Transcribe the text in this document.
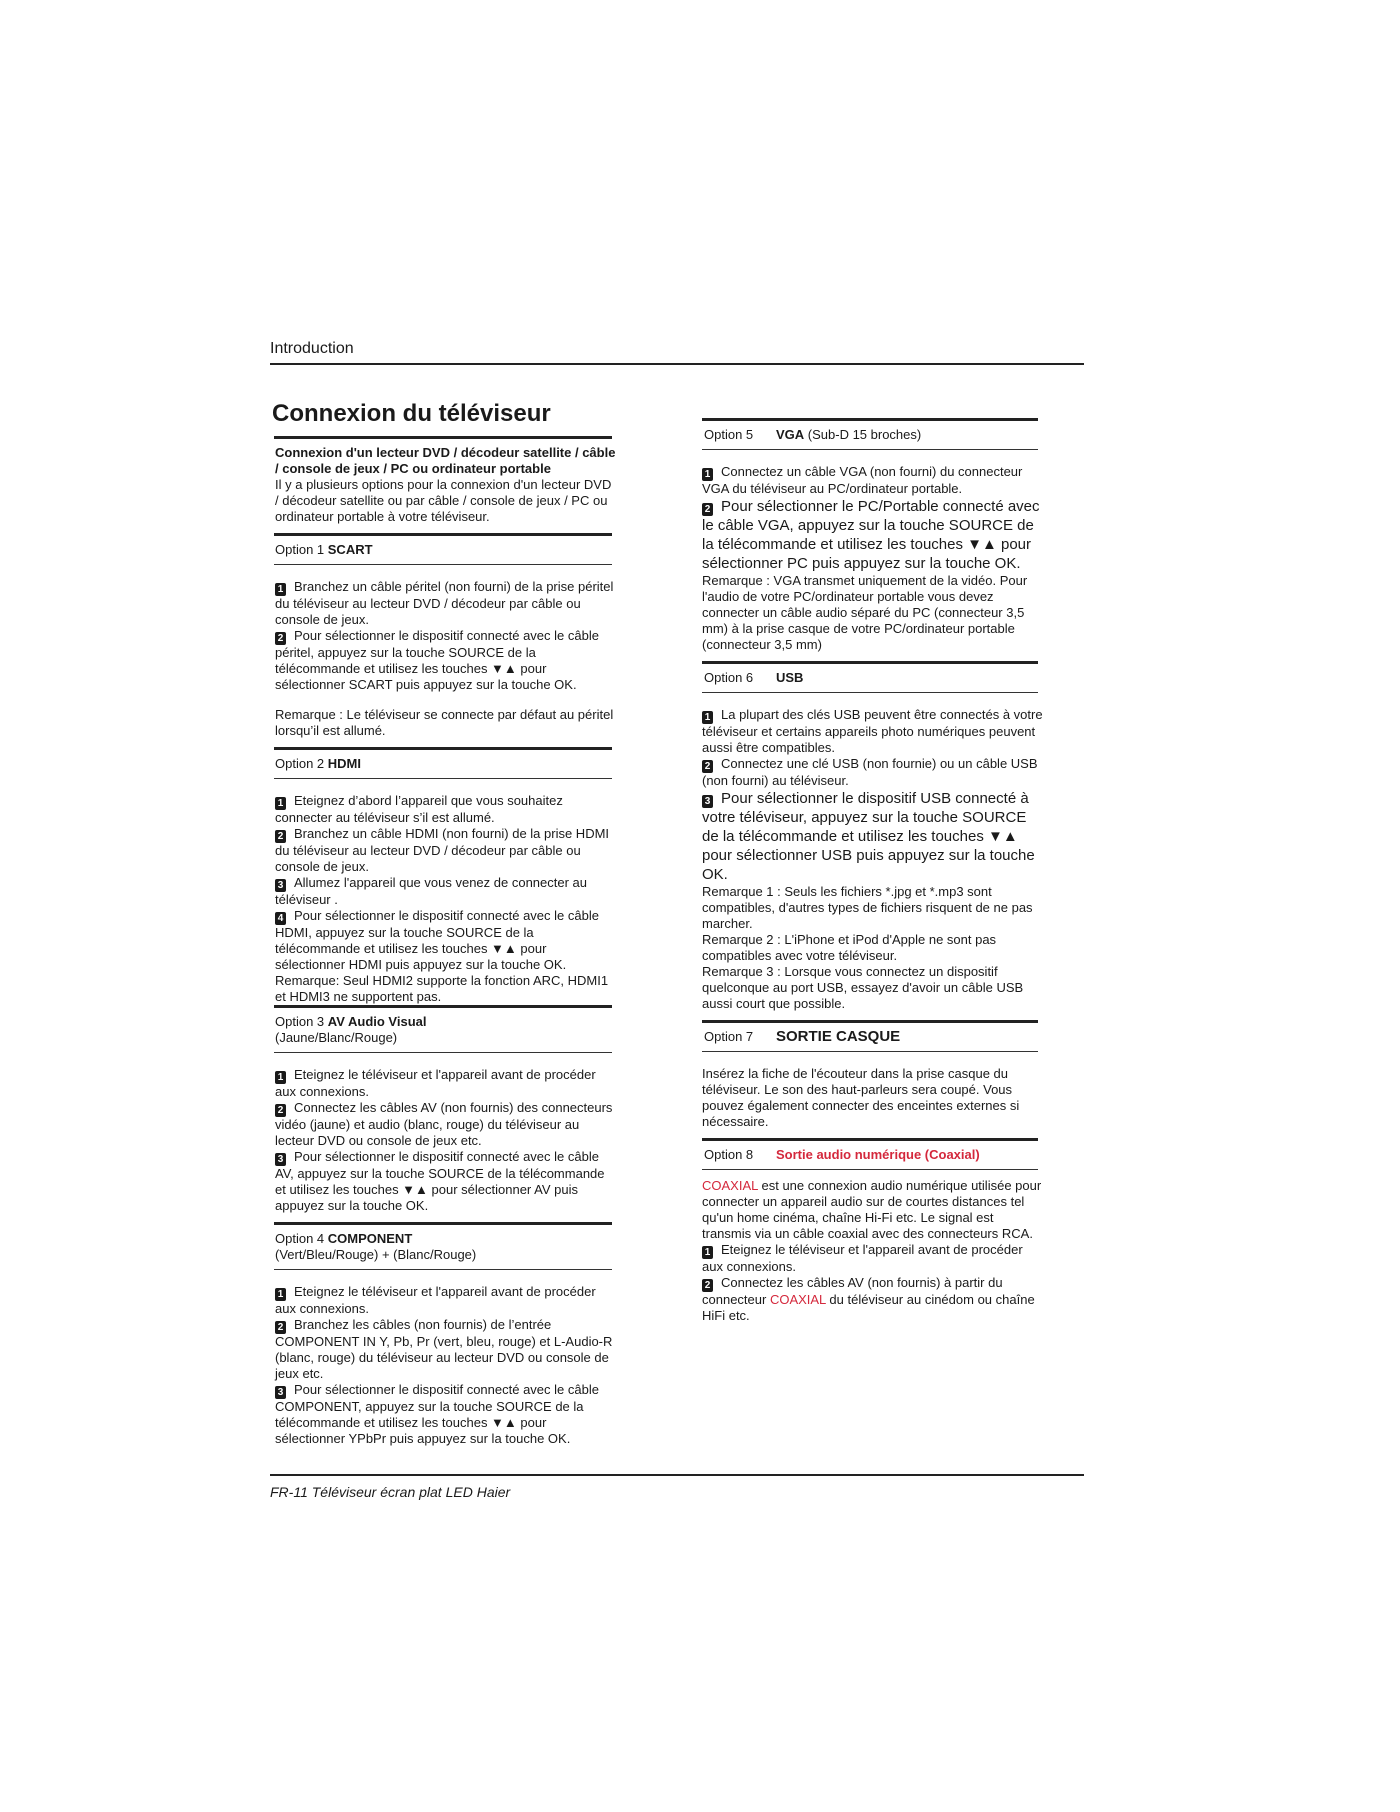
Introduction
Connexion du téléviseur
Connexion d'un lecteur DVD / décodeur satellite / câble / console de jeux / PC ou ordinateur portable
Il y a plusieurs options pour la connexion d'un lecteur DVD / décodeur satellite ou par câble / console de jeux / PC ou ordinateur portable à votre téléviseur.
Option 1 SCART
1 Branchez un câble péritel (non fourni) de la prise péritel du téléviseur au lecteur DVD / décodeur par câble ou console de jeux.
2 Pour sélectionner le dispositif connecté avec le câble péritel, appuyez sur la touche SOURCE de la télécommande et utilisez les touches ▼▲ pour sélectionner SCART puis appuyez sur la touche OK.
Remarque : Le téléviseur se connecte par défaut au péritel lorsqu’il est allumé.
Option 2 HDMI
1 Eteignez d’abord l’appareil que vous souhaitez connecter au téléviseur s’il est allumé.
2 Branchez un câble HDMI (non fourni) de la prise HDMI du téléviseur au lecteur DVD / décodeur par câble ou console de jeux.
3 Allumez l'appareil que vous venez de connecter au téléviseur .
4 Pour sélectionner le dispositif connecté avec le câble HDMI, appuyez sur la touche SOURCE de la télécommande et utilisez les touches ▼▲ pour sélectionner HDMI puis appuyez sur la touche OK.
Remarque: Seul HDMI2 supporte la fonction ARC, HDMI1 et HDMI3 ne supportent pas.
Option 3 AV Audio Visual
(Jaune/Blanc/Rouge)
1 Eteignez le téléviseur et l'appareil avant de procéder aux connexions.
2 Connectez les câbles AV (non fournis) des connecteurs vidéo (jaune) et audio (blanc, rouge) du téléviseur au lecteur DVD ou console de jeux etc.
3 Pour sélectionner le dispositif connecté avec le câble AV, appuyez sur la touche SOURCE de la télécommande et utilisez les touches ▼▲ pour sélectionner AV puis appuyez sur la touche OK.
Option 4 COMPONENT
(Vert/Bleu/Rouge) + (Blanc/Rouge)
1 Eteignez le téléviseur et l'appareil avant de procéder aux connexions.
2 Branchez les câbles (non fournis) de l’entrée COMPONENT IN Y, Pb, Pr (vert, bleu, rouge) et L-Audio-R (blanc, rouge) du téléviseur au lecteur DVD ou console de jeux etc.
3 Pour sélectionner le dispositif connecté avec le câble COMPONENT, appuyez sur la touche SOURCE de la télécommande et utilisez les touches ▼▲ pour sélectionner YPbPr puis appuyez sur la touche OK.
Option 5 VGA (Sub-D 15 broches)
1 Connectez un câble VGA (non fourni) du connecteur VGA du téléviseur au PC/ordinateur portable.
2 Pour sélectionner le PC/Portable connecté avec le câble VGA, appuyez sur la touche SOURCE de la télécommande et utilisez les touches ▼▲ pour sélectionner PC puis appuyez sur la touche OK.
Remarque : VGA transmet uniquement de la vidéo. Pour l'audio de votre PC/ordinateur portable vous devez connecter un câble audio séparé du PC (connecteur 3,5 mm) à la prise casque de votre PC/ordinateur portable (connecteur 3,5 mm)
Option 6 USB
1 La plupart des clés USB peuvent être connectés à votre téléviseur et certains appareils photo numériques peuvent aussi être compatibles.
2 Connectez une clé USB (non fournie) ou un câble USB (non fourni) au téléviseur.
3 Pour sélectionner le dispositif USB connecté à votre téléviseur, appuyez sur la touche SOURCE de la télécommande et utilisez les touches ▼▲ pour sélectionner USB puis appuyez sur la touche OK.
Remarque 1 : Seuls les fichiers *.jpg et *.mp3 sont compatibles, d'autres types de fichiers risquent de ne pas marcher.
Remarque 2 : L'iPhone et iPod d'Apple ne sont pas compatibles avec votre téléviseur.
Remarque 3 : Lorsque vous connectez un dispositif quelconque au port USB, essayez d'avoir un câble USB aussi court que possible.
Option 7 SORTIE CASQUE
Insérez la fiche de l'écouteur dans la prise casque du téléviseur. Le son des haut-parleurs sera coupé. Vous pouvez également connecter des enceintes externes si nécessaire.
Option 8 Sortie audio numérique (Coaxial)
COAXIAL est une connexion audio numérique utilisée pour connecter un appareil audio sur de courtes distances tel qu'un home cinéma, chaîne Hi-Fi etc. Le signal est transmis via un câble coaxial avec des connecteurs RCA.
1 Eteignez le téléviseur et l'appareil avant de procéder aux connexions.
2 Connectez les câbles AV (non fournis) à partir du connecteur COAXIAL du téléviseur au cinédom ou chaîne HiFi etc.
FR-11 Téléviseur écran plat LED Haier
